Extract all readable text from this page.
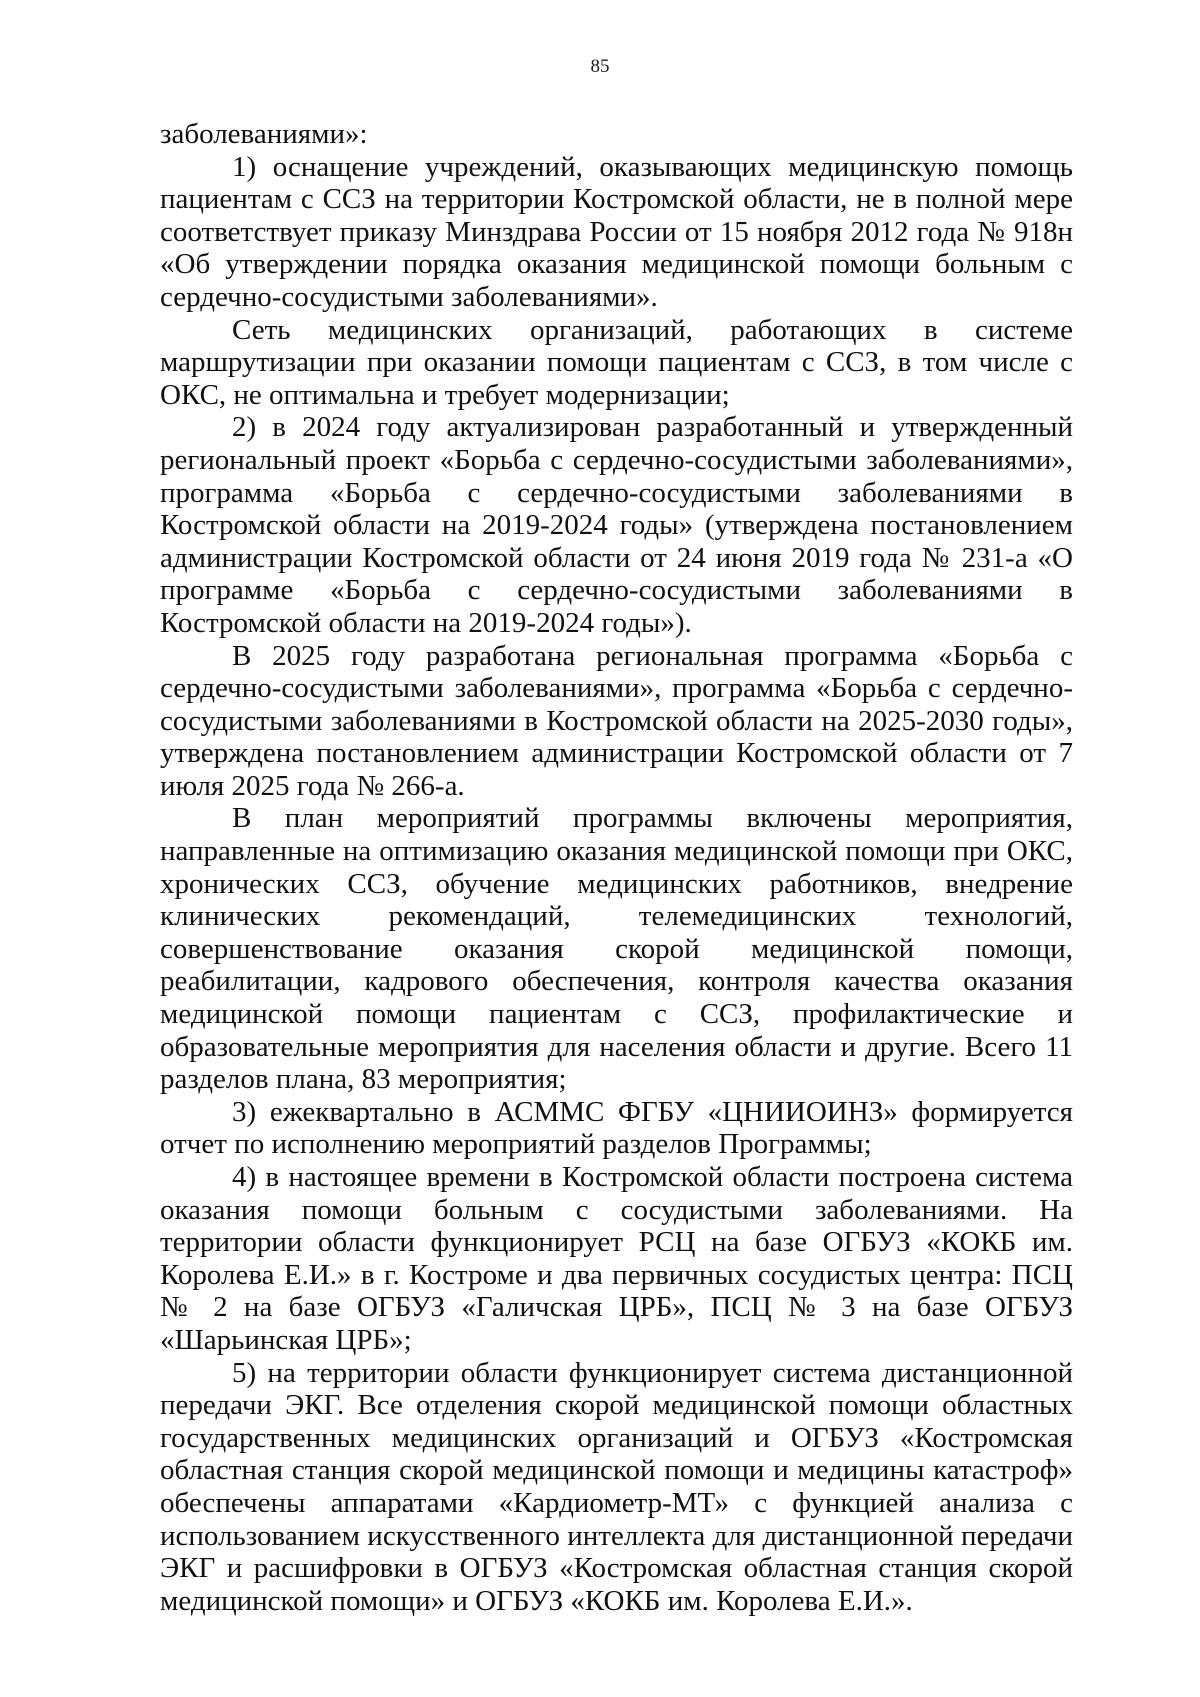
85

заболеваниями»:

1) оснащение учреждений, оказывающих медицинскую помощь пациентам с ССЗ на территории Костромской области, не в полной мере соответствует приказу Минздрава России от 15 ноября 2012 года № 918н «Об утверждении порядка оказания медицинской помощи больным с сердечно-сосудистыми заболеваниями».

Сеть медицинских организаций, работающих в системе маршрутизации при оказании помощи пациентам с ССЗ, в том числе с ОКС, не оптимальна и требует модернизации;

2) в 2024 году актуализирован разработанный и утвержденный региональный проект «Борьба с сердечно-сосудистыми заболеваниями», программа «Борьба с сердечно-сосудистыми заболеваниями в Костромской области на 2019-2024 годы» (утверждена постановлением администрации Костромской области от 24 июня 2019 года № 231-а «О программе «Борьба с сердечно-сосудистыми заболеваниями в Костромской области на 2019-2024 годы»).

В 2025 году разработана региональная программа «Борьба с сердечно-сосудистыми заболеваниями», программа «Борьба с сердечно-сосудистыми заболеваниями в Костромской области на 2025-2030 годы», утверждена постановлением администрации Костромской области от 7 июля 2025 года № 266-а.

В план мероприятий программы включены мероприятия, направленные на оптимизацию оказания медицинской помощи при ОКС, хронических ССЗ, обучение медицинских работников, внедрение клинических рекомендаций, телемедицинских технологий, совершенствование оказания скорой медицинской помощи, реабилитации, кадрового обеспечения, контроля качества оказания медицинской помощи пациентам с ССЗ, профилактические и образовательные мероприятия для населения области и другие. Всего 11 разделов плана, 83 мероприятия;

3) ежеквартально в АСММС ФГБУ «ЦНИИОИНЗ» формируется отчет по исполнению мероприятий разделов Программы;

4) в настоящее времени в Костромской области построена система оказания помощи больным с сосудистыми заболеваниями. На территории области функционирует РСЦ на базе ОГБУЗ «КОКБ им. Королева Е.И.» в г. Костроме и два первичных сосудистых центра: ПСЦ № 2 на базе ОГБУЗ «Галичская ЦРБ», ПСЦ № 3 на базе ОГБУЗ «Шарьинская ЦРБ»;

5) на территории области функционирует система дистанционной передачи ЭКГ. Все отделения скорой медицинской помощи областных государственных медицинских организаций и ОГБУЗ «Костромская областная станция скорой медицинской помощи и медицины катастроф» обеспечены аппаратами «Кардиометр-МТ» с функцией анализа с использованием искусственного интеллекта для дистанционной передачи ЭКГ и расшифровки в ОГБУЗ «Костромская областная станция скорой медицинской помощи» и ОГБУЗ «КОКБ им. Королева Е.И.».
